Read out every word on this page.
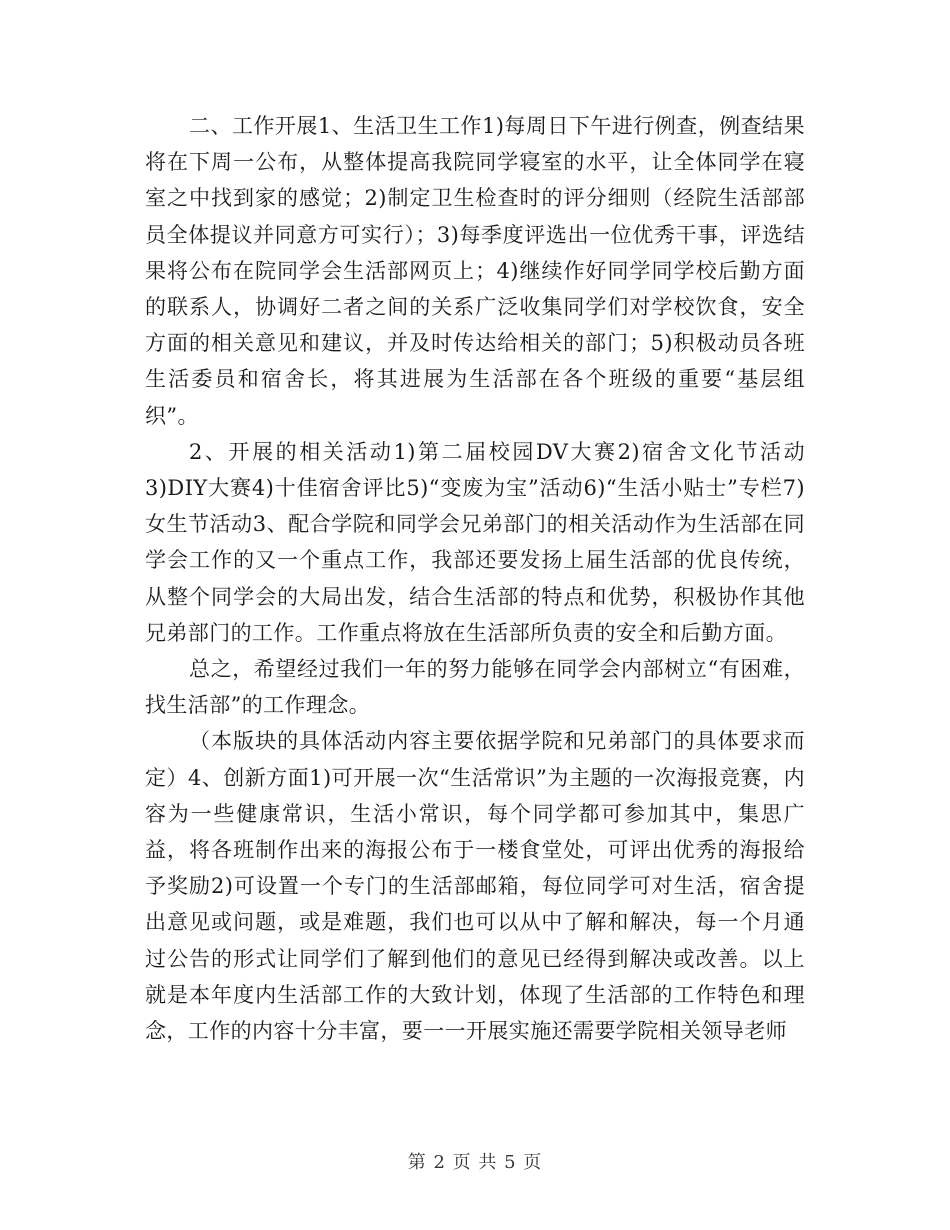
二、工作开展1、生活卫生工作1)每周日下午进行例查，例查结果将在下周一公布，从整体提高我院同学寝室的水平，让全体同学在寝室之中找到家的感觉；2)制定卫生检查时的评分细则（经院生活部部员全体提议并同意方可实行）；3)每季度评选出一位优秀干事，评选结果将公布在院同学会生活部网页上；4)继续作好同学同学校后勤方面的联系人，协调好二者之间的关系广泛收集同学们对学校饮食，安全方面的相关意见和建议，并及时传达给相关的部门；5)积极动员各班生活委员和宿舍长，将其进展为生活部在各个班级的重要“基层组织”。

2、开展的相关活动1)第二届校园DV大赛2)宿舍文化节活动3)DIY大赛4)十佳宿舍评比5)“变废为宝”活动6)“生活小贴士”专栏7)女生节活动3、配合学院和同学会兄弟部门的相关活动作为生活部在同学会工作的又一个重点工作，我部还要发扬上届生活部的优良传统，从整个同学会的大局出发，结合生活部的特点和优势，积极协作其他兄弟部门的工作。工作重点将放在生活部所负责的安全和后勤方面。

总之，希望经过我们一年的努力能够在同学会内部树立“有困难，找生活部”的工作理念。

（本版块的具体活动内容主要依据学院和兄弟部门的具体要求而定）4、创新方面1)可开展一次“生活常识”为主题的一次海报竞赛，内容为一些健康常识，生活小常识，每个同学都可参加其中，集思广益，将各班制作出来的海报公布于一楼食堂处，可评出优秀的海报给予奖励2)可设置一个专门的生活部邮箱，每位同学可对生活，宿舍提出意见或问题，或是难题，我们也可以从中了解和解决，每一个月通过公告的形式让同学们了解到他们的意见已经得到解决或改善。以上就是本年度内生活部工作的大致计划，体现了生活部的工作特色和理念，工作的内容十分丰富，要一一开展实施还需要学院相关领导老师

第 2 页 共 5 页
